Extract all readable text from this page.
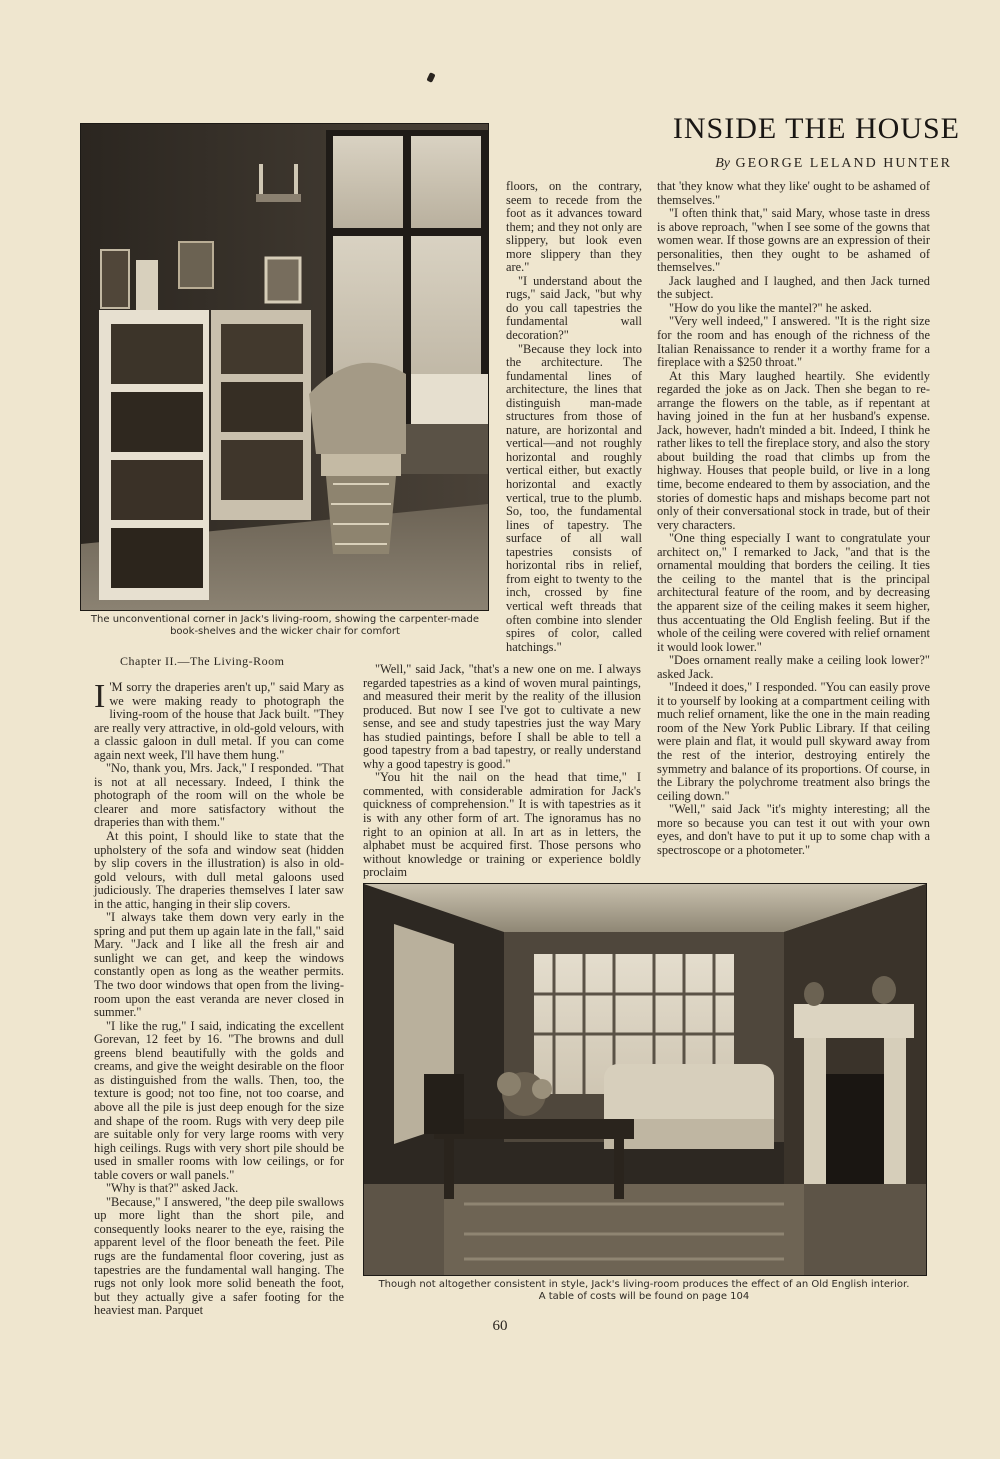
INSIDE THE HOUSE
By GEORGE LELAND HUNTER
The unconventional corner in Jack's living-room, showing the carpenter-made
book-shelves and the wicker chair for comfort
Chapter II.—The Living-Room

I 'M sorry the draperies aren't up," said Mary as we were making ready to photograph the living-room of the house that Jack built. "They are really very attractive, in old-gold velours, with a classic galoon in dull metal. If you can come again next week, I'll have them hung."

"No, thank you, Mrs. Jack," I responded. "That is not at all necessary. Indeed, I think the photograph of the room will on the whole be clearer and more satisfactory without the draperies than with them."

At this point, I should like to state that the upholstery of the sofa and window seat (hidden by slip covers in the illustration) is also in old-gold velours, with dull metal galoons used judiciously. The draperies themselves I later saw in the attic, hanging in their slip covers.

"I always take them down very early in the spring and put them up again late in the fall," said Mary. "Jack and I like all the fresh air and sunlight we can get, and keep the windows constantly open as long as the weather permits. The two door windows that open from the living-room upon the east veranda are never closed in summer."

"I like the rug," I said, indicating the excellent Gorevan, 12 feet by 16. "The browns and dull greens blend beautifully with the golds and creams, and give the weight desirable on the floor as distinguished from the walls. Then, too, the texture is good; not too fine, not too coarse, and above all the pile is just deep enough for the size and shape of the room. Rugs with very deep pile are suitable only for very large rooms with very high ceilings. Rugs with very short pile should be used in smaller rooms with low ceilings, or for table covers or wall panels."

"Why is that?" asked Jack.

"Because," I answered, "the deep pile swallows up more light than the short pile, and consequently looks nearer to the eye, raising the apparent level of the floor beneath the feet. Pile rugs are the fundamental floor covering, just as tapestries are the fundamental wall hanging. The rugs not only look more solid beneath the foot, but they actually give a safer footing for the heaviest man. Parquet

floors, on the contrary, seem to recede from the foot as it advances toward them; and they not only are slippery, but look even more slippery than they are."

"I understand about the rugs," said Jack, "but why do you call tapestries the fundamental wall decoration?"

"Because they lock into the architecture. The fundamental lines of architecture, the lines that distinguish man-made structures from those of nature, are horizontal and vertical—and not roughly horizontal and roughly vertical either, but exactly horizontal and exactly vertical, true to the plumb. So, too, the fundamental lines of tapestry. The surface of all wall tapestries consists of horizontal ribs in relief, from eight to twenty to the inch, crossed by fine vertical weft threads that often combine into slender spires of color, called hatchings."

"Well," said Jack, "that's a new one on me. I always regarded tapestries as a kind of woven mural paintings, and measured their merit by the reality of the illusion produced. But now I see I've got to cultivate a new sense, and see and study tapestries just the way Mary has studied paintings, before I shall be able to tell a good tapestry from a bad tapestry, or really understand why a good tapestry is good."

"You hit the nail on the head that time," I commented, with considerable admiration for Jack's quickness of comprehension." It is with tapestries as it is with any other form of art. The ignoramus has no right to an opinion at all. In art as in letters, the alphabet must be acquired first. Those persons who without knowledge or training or experience boldly proclaim

that 'they know what they like' ought to be ashamed of themselves."

"I often think that," said Mary, whose taste in dress is above reproach, "when I see some of the gowns that women wear. If those gowns are an expression of their personalities, then they ought to be ashamed of themselves."

Jack laughed and I laughed, and then Jack turned the subject.

"How do you like the mantel?" he asked.

"Very well indeed," I answered. "It is the right size for the room and has enough of the richness of the Italian Renaissance to render it a worthy frame for a fireplace with a $250 throat."

At this Mary laughed heartily. She evidently regarded the joke as on Jack. Then she began to re-arrange the flowers on the table, as if repentant at having joined in the fun at her husband's expense. Jack, however, hadn't minded a bit. Indeed, I think he rather likes to tell the fireplace story, and also the story about building the road that climbs up from the highway. Houses that people build, or live in a long time, become endeared to them by association, and the stories of domestic haps and mishaps become part not only of their conversational stock in trade, but of their very characters.

"One thing especially I want to congratulate your architect on," I remarked to Jack, "and that is the ornamental moulding that borders the ceiling. It ties the ceiling to the mantel that is the principal architectural feature of the room, and by decreasing the apparent size of the ceiling makes it seem higher, thus accentuating the Old English feeling. But if the whole of the ceiling were covered with relief ornament it would look lower."

"Does ornament really make a ceiling look lower?" asked Jack.

"Indeed it does," I responded. "You can easily prove it to yourself by looking at a compartment ceiling with much relief ornament, like the one in the main reading room of the New York Public Library. If that ceiling were plain and flat, it would pull skyward away from the rest of the interior, destroying entirely the symmetry and balance of its proportions. Of course, in the Library the polychrome treatment also brings the ceiling down."

"Well," said Jack "it's mighty interesting; all the more so because you can test it out with your own eyes, and don't have to put it up to some chap with a spectroscope or a photometer."

Though not altogether consistent in style, Jack's living-room produces the effect of an Old English interior.
A table of costs will be found on page 104
60
